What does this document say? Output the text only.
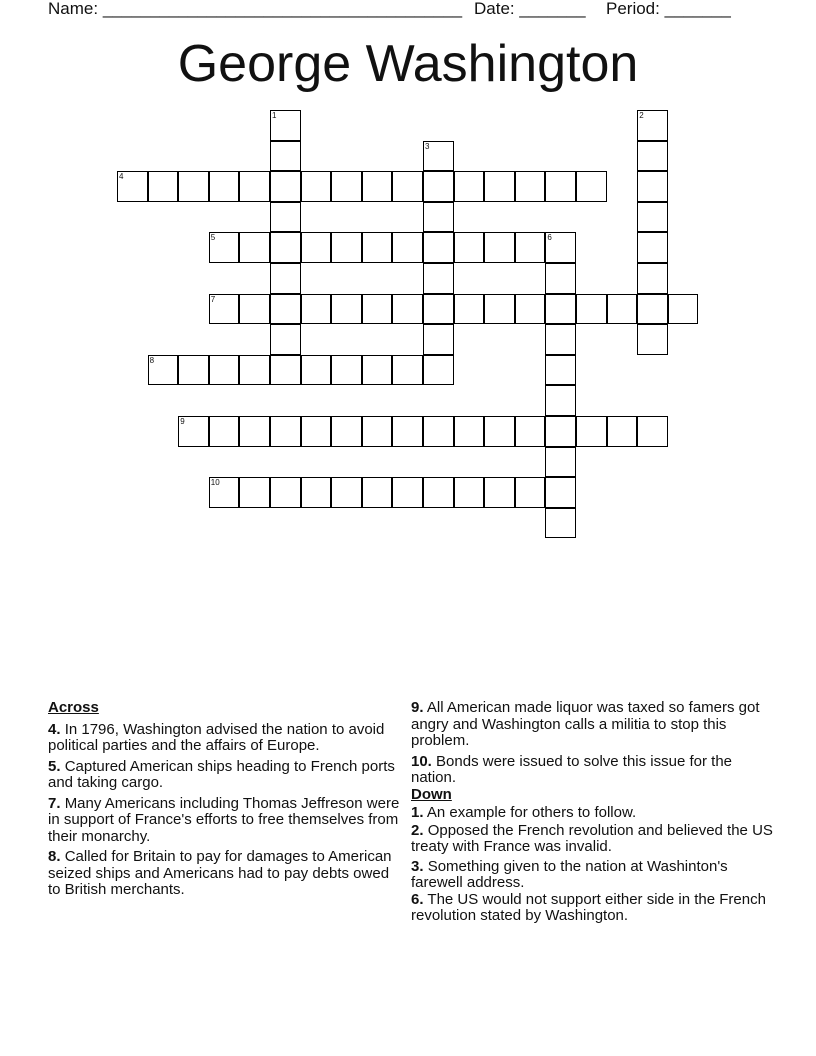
Name: ______________________________________ Date: _______ Period: _______
George Washington
1	2
3
4
5	6
7
8
9
10
Across
4. In 1796, Washington advised the nation to avoid political parties and the affairs of Europe.
5. Captured American ships heading to French ports and taking cargo.
7. Many Americans including Thomas Jeffreson were in support of France's efforts to free themselves from their monarchy.
8. Called for Britain to pay for damages to American seized ships and Americans had to pay debts owed to British merchants.
9. All American made liquor was taxed so famers got angry and Washington calls a militia to stop this problem.
10. Bonds were issued to solve this issue for the nation.
Down
1. An example for others to follow.
2. Opposed the French revolution and believed the US treaty with France was invalid.
3. Something given to the nation at Washinton's farewell address.
6. The US would not support either side in the French revolution stated by Washington.
